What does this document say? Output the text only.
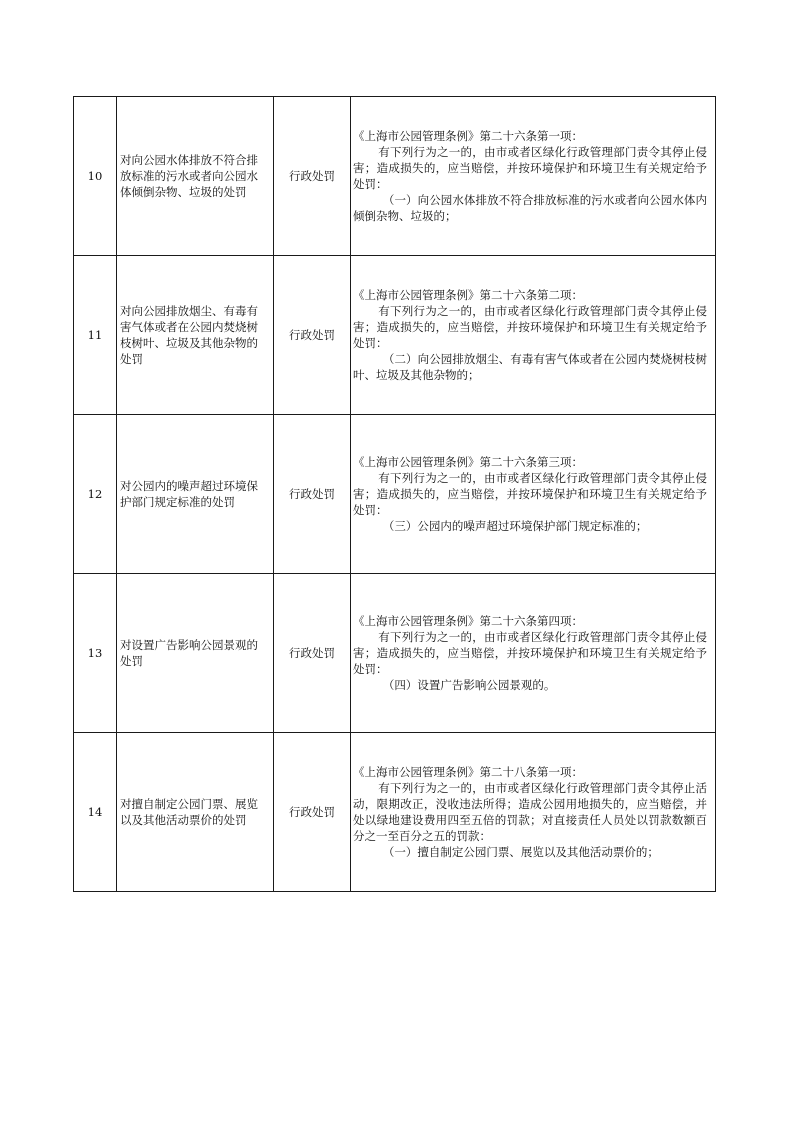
10	对向公园水体排放不符合排放标准的污水或者向公园水体倾倒杂物、垃圾的处罚	行政处罚	《上海市公园管理条例》第二十六条第一项：
有下列行为之一的，由市或者区绿化行政管理部门责令其停止侵害；造成损失的，应当赔偿，并按环境保护和环境卫生有关规定给予处罚：
（一）向公园水体排放不符合排放标准的污水或者向公园水体内倾倒杂物、垃圾的；

11	对向公园排放烟尘、有毒有害气体或者在公园内焚烧树枝树叶、垃圾及其他杂物的处罚	行政处罚	《上海市公园管理条例》第二十六条第二项：
有下列行为之一的，由市或者区绿化行政管理部门责令其停止侵害；造成损失的，应当赔偿，并按环境保护和环境卫生有关规定给予处罚：
（二）向公园排放烟尘、有毒有害气体或者在公园内焚烧树枝树叶、垃圾及其他杂物的；

12	对公园内的噪声超过环境保护部门规定标准的处罚	行政处罚	《上海市公园管理条例》第二十六条第三项：
有下列行为之一的，由市或者区绿化行政管理部门责令其停止侵害；造成损失的，应当赔偿，并按环境保护和环境卫生有关规定给予处罚：
（三）公园内的噪声超过环境保护部门规定标准的；

13	对设置广告影响公园景观的处罚	行政处罚	《上海市公园管理条例》第二十六条第四项：
有下列行为之一的，由市或者区绿化行政管理部门责令其停止侵害；造成损失的，应当赔偿，并按环境保护和环境卫生有关规定给予处罚：
（四）设置广告影响公园景观的。

14	对擅自制定公园门票、展览以及其他活动票价的处罚	行政处罚	《上海市公园管理条例》第二十八条第一项：
有下列行为之一的，由市或者区绿化行政管理部门责令其停止活动，限期改正，没收违法所得；造成公园用地损失的，应当赔偿，并处以绿地建设费用四至五倍的罚款；对直接责任人员处以罚款数额百分之一至百分之五的罚款：
（一）擅自制定公园门票、展览以及其他活动票价的；
